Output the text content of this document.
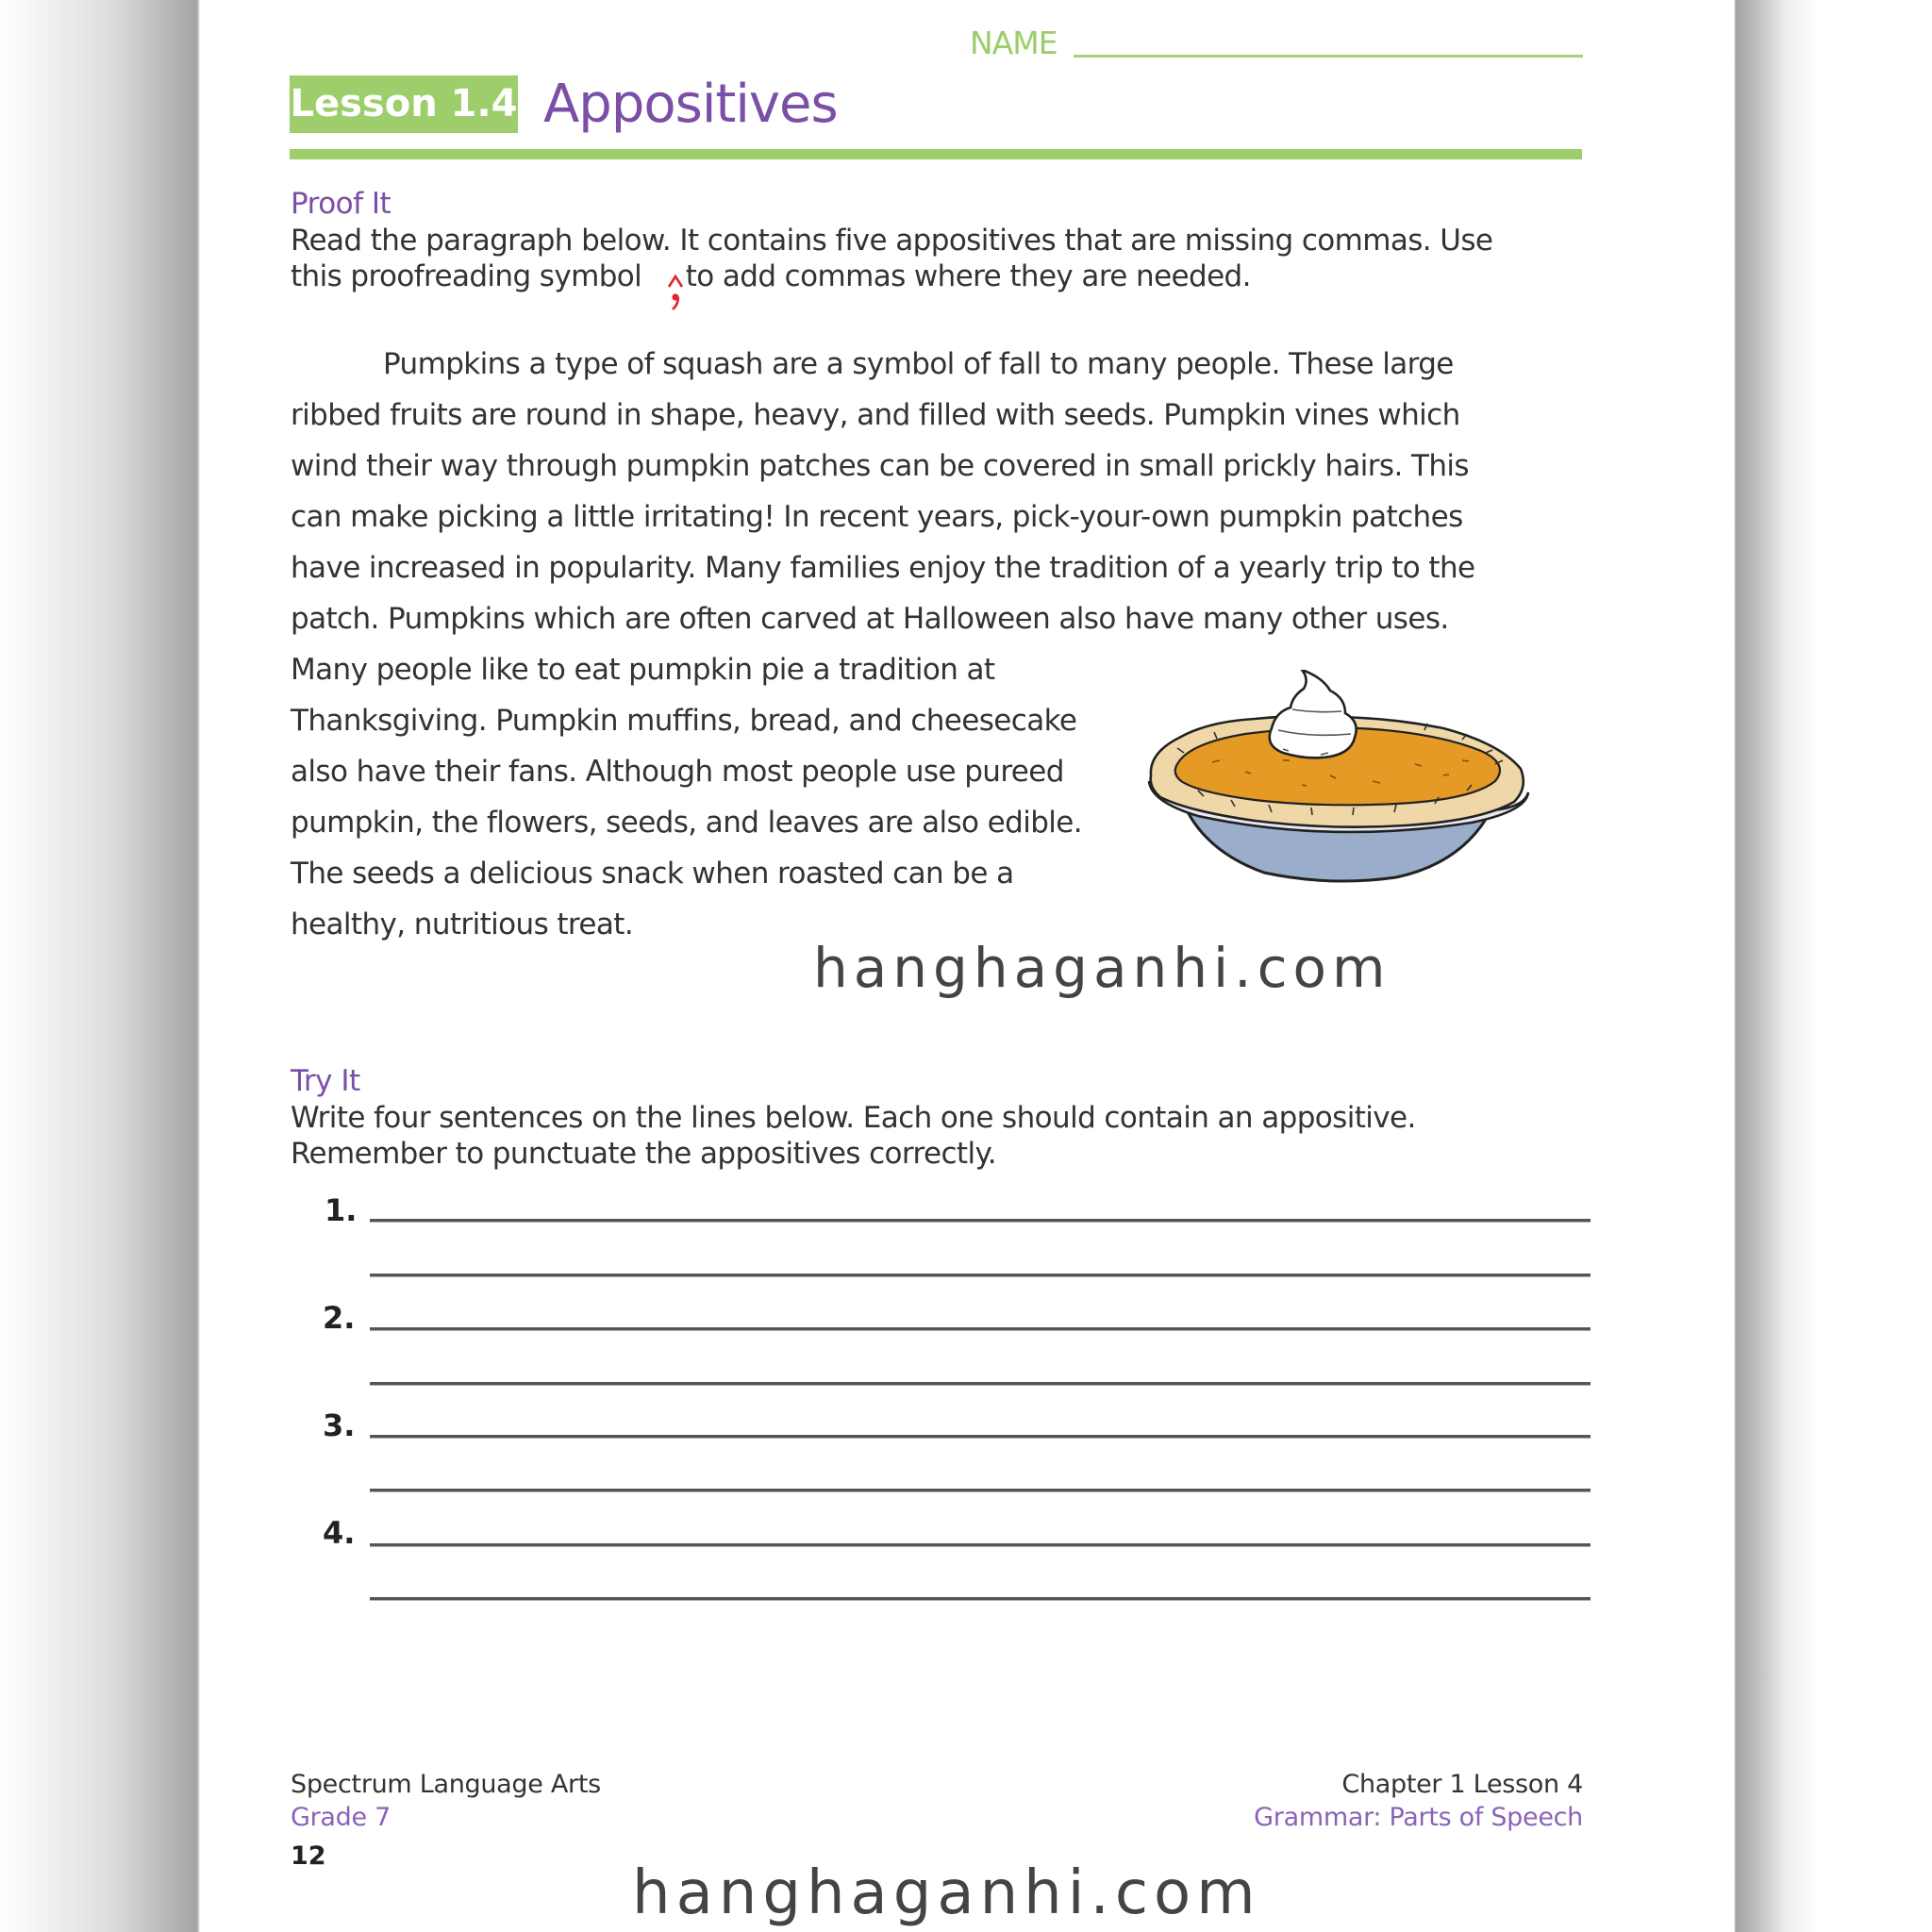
NAME
Lesson 1.4 Appositives
Proof It
Read the paragraph below. It contains five appositives that are missing commas. Use
this proofreading symbol to add commas where they are needed.
Pumpkins a type of squash are a symbol of fall to many people. These large
ribbed fruits are round in shape, heavy, and filled with seeds. Pumpkin vines which
wind their way through pumpkin patches can be covered in small prickly hairs. This
can make picking a little irritating! In recent years, pick-your-own pumpkin patches
have increased in popularity. Many families enjoy the tradition of a yearly trip to the
patch. Pumpkins which are often carved at Halloween also have many other uses.
Many people like to eat pumpkin pie a tradition at
Thanksgiving. Pumpkin muffins, bread, and cheesecake
also have their fans. Although most people use pureed
pumpkin, the flowers, seeds, and leaves are also edible.
The seeds a delicious snack when roasted can be a
healthy, nutritious treat.
hanghaganhi.com
Try It
Write four sentences on the lines below. Each one should contain an appositive.
Remember to punctuate the appositives correctly.
1.
2.
3.
4.
Spectrum Language Arts
Grade 7
12
Chapter 1 Lesson 4
Grammar: Parts of Speech
hanghaganhi.com
